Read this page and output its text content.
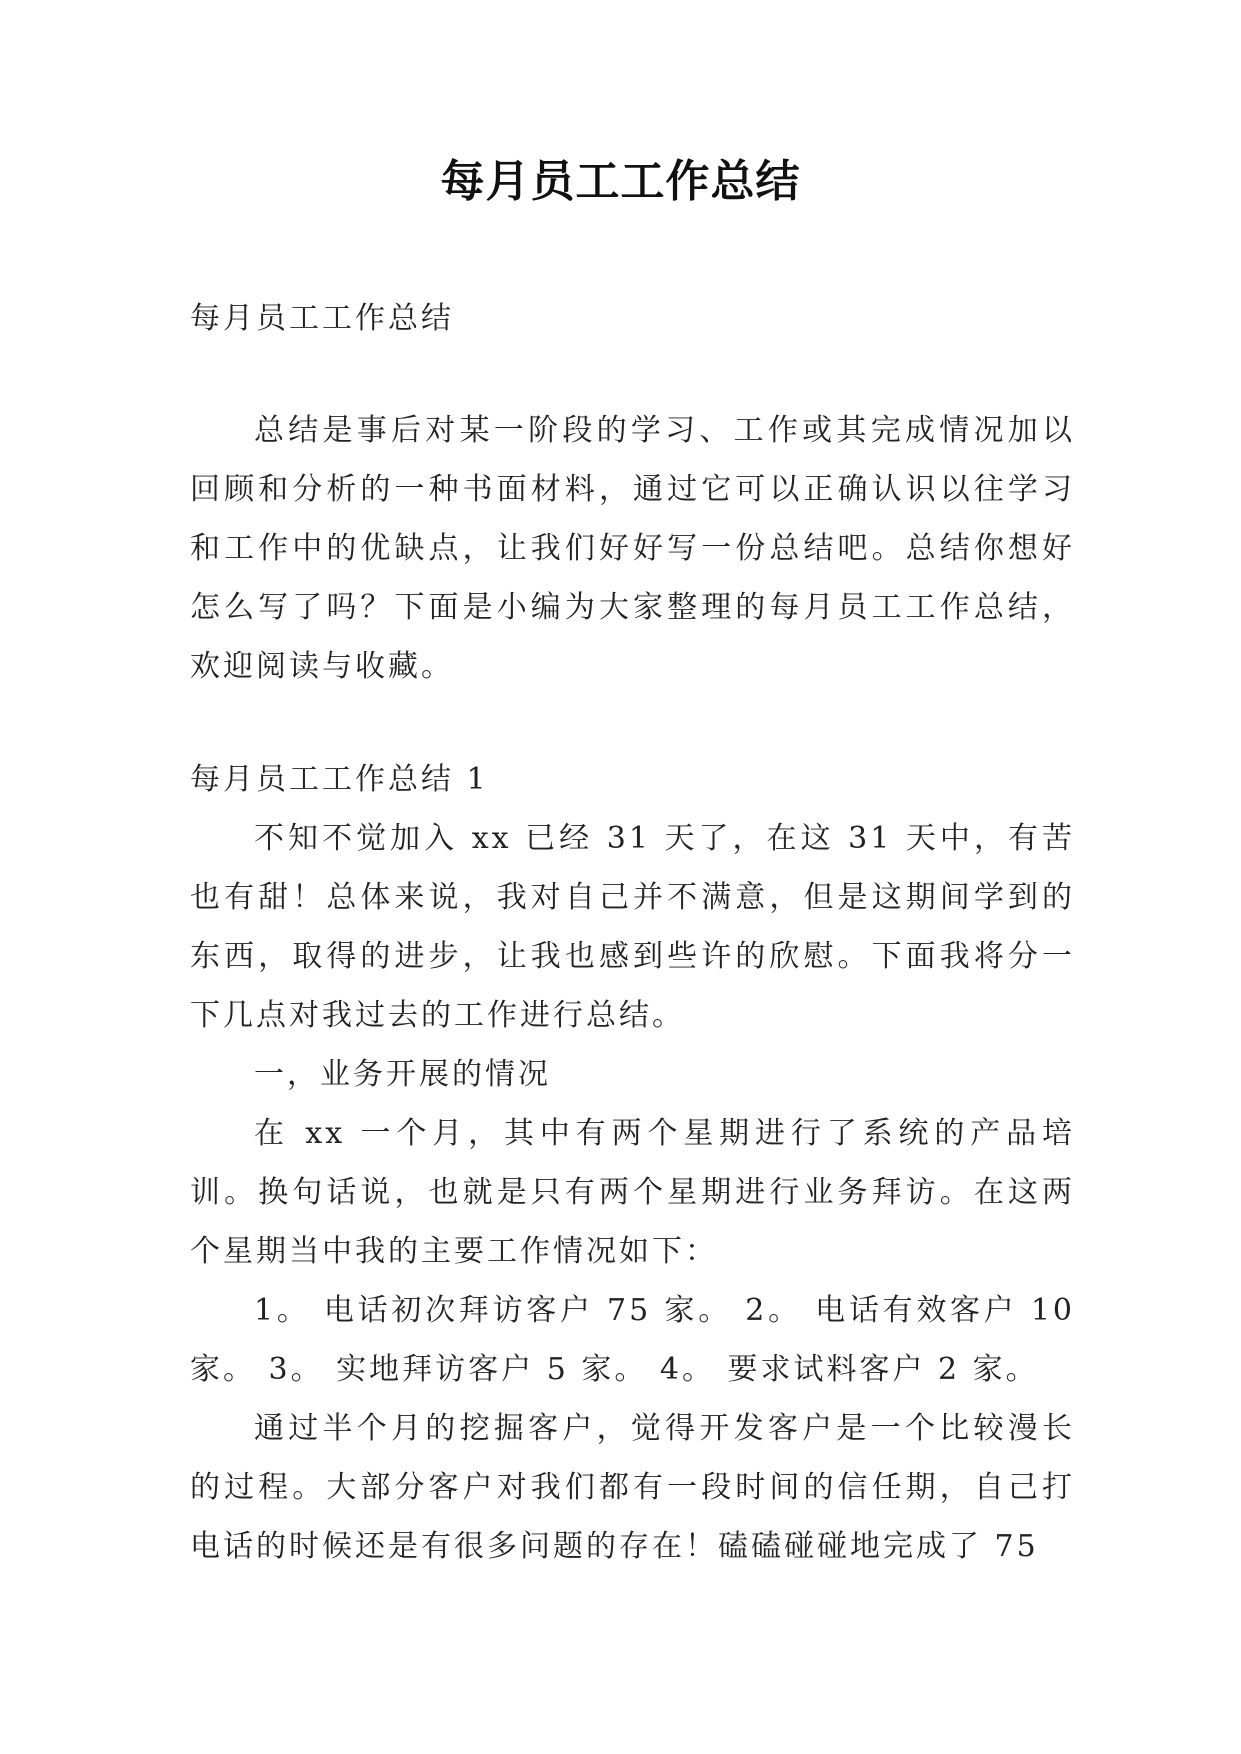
每月员工工作总结

每月员工工作总结

总结是事后对某一阶段的学习、工作或其完成情况加以回顾和分析的一种书面材料，通过它可以正确认识以往学习和工作中的优缺点，让我们好好写一份总结吧。总结你想好怎么写了吗？下面是小编为大家整理的每月员工工作总结，欢迎阅读与收藏。

每月员工工作总结 1

不知不觉加入 xx 已经 31 天了，在这 31 天中，有苦也有甜！总体来说，我对自己并不满意，但是这期间学到的东西，取得的进步，让我也感到些许的欣慰。下面我将分一下几点对我过去的工作进行总结。

一，业务开展的情况

在 xx 一个月，其中有两个星期进行了系统的产品培训。换句话说，也就是只有两个星期进行业务拜访。在这两个星期当中我的主要工作情况如下：

1。 电话初次拜访客户 75 家。 2。 电话有效客户 10 家。 3。 实地拜访客户 5 家。 4。 要求试料客户 2 家。

通过半个月的挖掘客户，觉得开发客户是一个比较漫长的过程。大部分客户对我们都有一段时间的信任期，自己打电话的时候还是有很多问题的存在！磕磕碰碰地完成了 75
